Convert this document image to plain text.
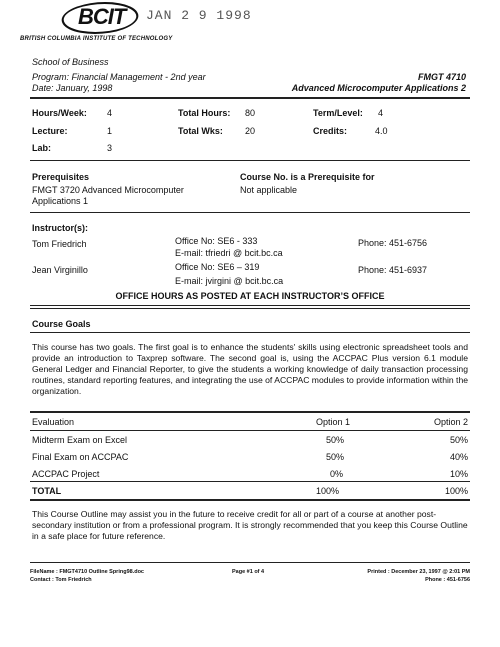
BCIT JAN 2 9 1998
BRITISH COLUMBIA INSTITUTE OF TECHNOLOGY
School of Business
Program: Financial Management - 2nd year
Date: January, 1998
FMGT 4710
Advanced Microcomputer Applications 2
Hours/Week: 4	Total Hours: 80	Term/Level: 4
Lecture:	1	Total Wks: 20	Credits:	4.0
Lab:	3
Prerequisites
FMGT 3720 Advanced Microcomputer
Applications 1
Course No. is a Prerequisite for
Not applicable
Instructor(s):
Tom Friedrich	Office No: SE6 - 333
E-mail: tfriedri @ bcit.bc.ca
Phone: 451-6756
Jean Virginillo	Office No: SE6 – 319
E-mail: jvirgini @ bcit.bc.ca
Phone: 451-6937
OFFICE HOURS AS POSTED AT EACH INSTRUCTOR’S OFFICE
Course Goals
This course has two goals. The first goal is to enhance the students' skills using electronic spreadsheet tools and provide an introduction to Taxprep software. The second goal is, using the ACCPAC Plus version 6.1 module General Ledger and Financial Reporter, to give the students a working knowledge of daily transaction processing routines, standard reporting features, and integrating the use of ACCPAC modules to provide information within the organization.
Evaluation	Option 1	Option 2
Midterm Exam on Excel	50%	50%
Final Exam on ACCPAC	50%	40%
ACCPAC Project	0%	10%
TOTAL	100%	100%
This Course Outline may assist you in the future to receive credit for all or part of a course at another post-secondary institution or from a professional program. It is strongly recommended that you keep this Course Outline in a safe place for future reference.
FileName : FMGT4710 Outline Spring98.doc
Contact : Tom Friedrich
Page #1 of 4	Printed : December 23, 1997 @ 2:01 PM
Phone : 451-6756
